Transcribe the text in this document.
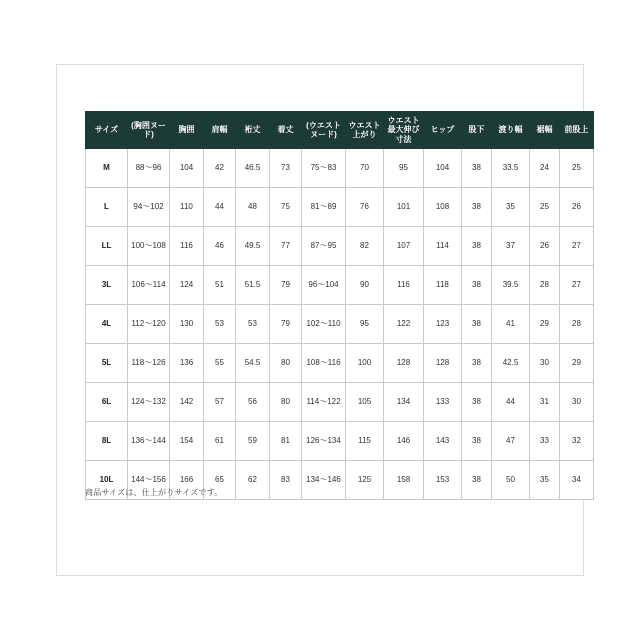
サイズ	(胸囲ヌード)	胸囲	肩幅	裄丈	着丈	(ウエストヌード)	ウエスト上がり	ウエスト最大伸び寸法	ヒップ	股下	渡り幅	裾幅	前股上
M	88〜96	104	42	46.5	73	75〜83	70	95	104	38	33.5	24	25
L	94〜102	110	44	48	75	81〜89	76	101	108	38	35	25	26
LL	100〜108	116	46	49.5	77	87〜95	82	107	114	38	37	26	27
3L	106〜114	124	51	51.5	79	96〜104	90	116	118	38	39.5	28	27
4L	112〜120	130	53	53	79	102〜110	95	122	123	38	41	29	28
5L	118〜126	136	55	54.5	80	108〜116	100	128	128	38	42.5	30	29
6L	124〜132	142	57	56	80	114〜122	105	134	133	38	44	31	30
8L	136〜144	154	61	59	81	126〜134	115	146	143	38	47	33	32
10L	144〜156	166	65	62	83	134〜146	125	158	153	38	50	35	34
商品サイズは、仕上がりサイズです。
